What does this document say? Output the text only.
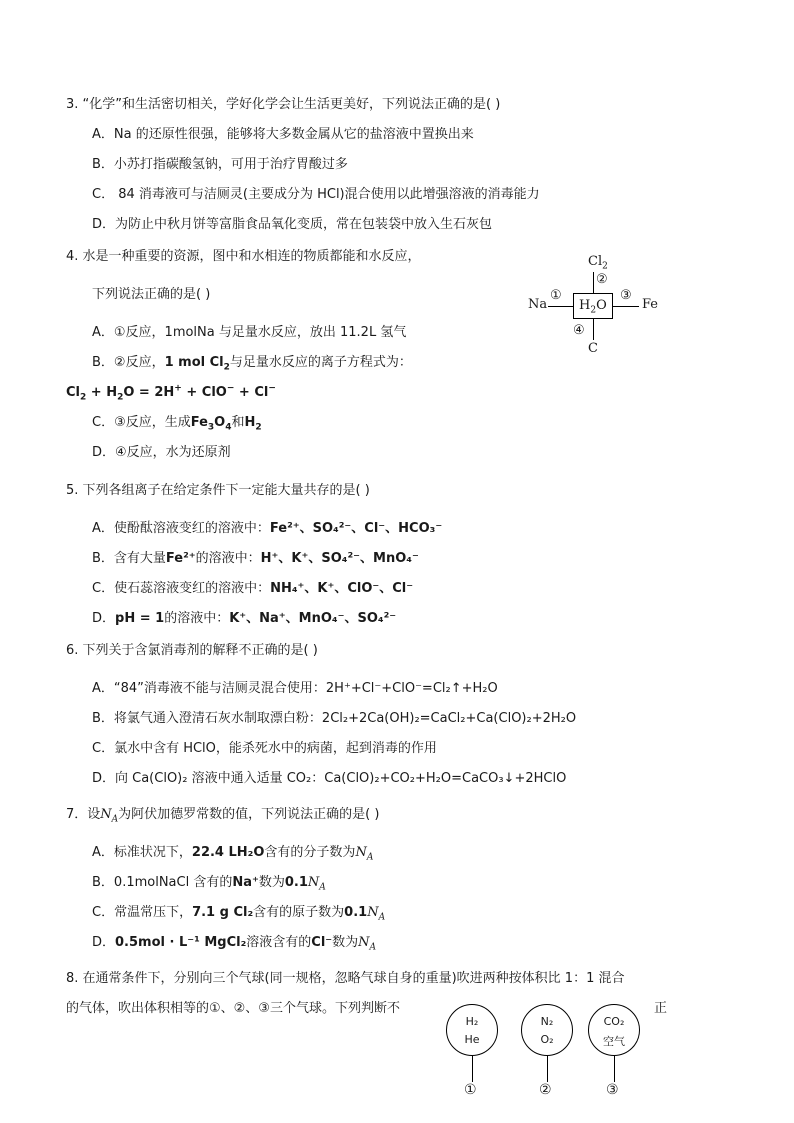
3. “化学”和生活密切相关，学好化学会让生活更美好，下列说法正确的是( )
A．Na 的还原性很强，能够将大多数金属从它的盐溶液中置换出来
B．小苏打指碳酸氢钠，可用于治疗胃酸过多
C． 84 消毒液可与洁厕灵(主要成分为 HCl)混合使用以此增强溶液的消毒能力
D．为防止中秋月饼等富脂食品氧化变质，常在包装袋中放入生石灰包
4. 水是一种重要的资源，图中和水相连的物质都能和水反应，
下列说法正确的是( )
A．①反应，1molNa 与足量水反应，放出 11.2L 氢气
B．②反应，1 mol $Cl_2$与足量水反应的离子方程式为：
$Cl_2 + H_2O = 2H^+ + ClO^- + Cl^-$
C．③反应，生成$Fe_3O_4$和$H_2$
D．④反应，水为还原剂
$Cl_2$
②
Na
①
$H_2O$
③
Fe
④
C
5. 下列各组离子在给定条件下一定能大量共存的是( )
A．使酚酞溶液变红的溶液中：Fe²⁺、SO₄²⁻、Cl⁻、HCO₃⁻
B．含有大量Fe²⁺的溶液中：H⁺、K⁺、SO₄²⁻、MnO₄⁻
C．使石蕊溶液变红的溶液中：NH₄⁺、K⁺、ClO⁻、Cl⁻
D．pH = 1的溶液中：K⁺、Na⁺、MnO₄⁻、SO₄²⁻
6. 下列关于含氯消毒剂的解释不正确的是( )
A．“84”消毒液不能与洁厕灵混合使用：2H⁺+Cl⁻+ClO⁻=Cl₂↑+H₂O
B．将氯气通入澄清石灰水制取漂白粉：2Cl₂+2Ca(OH)₂=CaCl₂+Ca(ClO)₂+2H₂O
C．氯水中含有 HClO，能杀死水中的病菌，起到消毒的作用
D．向 Ca(ClO)₂ 溶液中通入适量 CO₂：Ca(ClO)₂+CO₂+H₂O=CaCO₃↓+2HClO
7．设$N_A$为阿伏加德罗常数的值，下列说法正确的是( )
A．标准状况下，22.4 LH₂O含有的分子数为$N_A$
B．0.1molNaCl 含有的Na⁺数为$0.1N_A$
C．常温常压下，7.1 g Cl₂含有的原子数为$0.1N_A$
D．0.5mol · L⁻¹ MgCl₂溶液含有的Cl⁻数为$N_A$
8. 在通常条件下，分别向三个气球(同一规格，忽略气球自身的重量)吹进两种按体积比 1：1 混合
的气体，吹出体积相等的①、②、③三个气球。下列判断不	正
H₂
He
①
N₂
O₂
②
CO₂
空气
③
